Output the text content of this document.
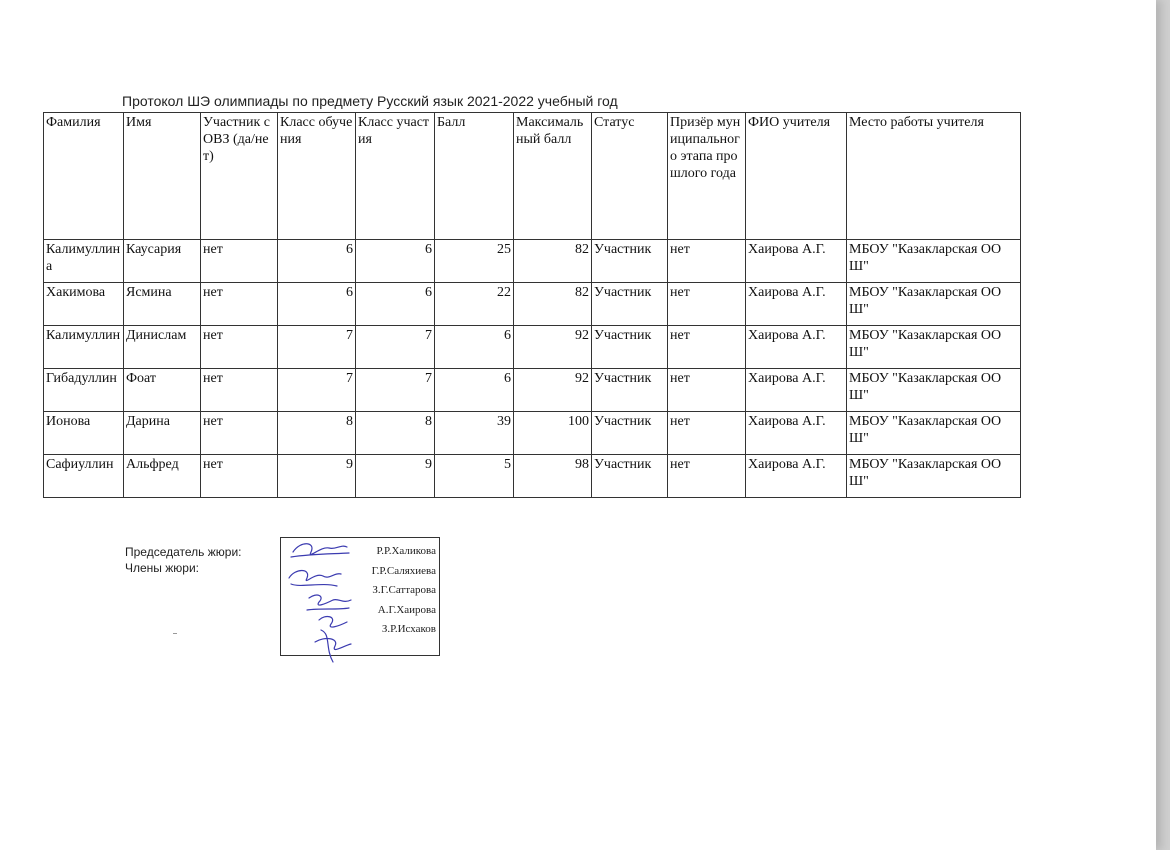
Протокол ШЭ олимпиады по предмету Русский язык 2021-2022 учебный год
Фамилия	Имя	Участник с ОВЗ (да/нет)	Класс обучения	Класс участия	Балл	Максимальный балл	Статус	Призёр муниципального этапа прошлого года	ФИО учителя	Место работы учителя
Калимуллина	Каусария	нет	6	6	25	82	Участник	нет	Хаирова А.Г.	МБОУ "Казакларская ООШ"
Хакимова	Ясмина	нет	6	6	22	82	Участник	нет	Хаирова А.Г.	МБОУ "Казакларская ООШ"
Калимуллин	Динислам	нет	7	7	6	92	Участник	нет	Хаирова А.Г.	МБОУ "Казакларская ООШ"
Гибадуллин	Фоат	нет	7	7	6	92	Участник	нет	Хаирова А.Г.	МБОУ "Казакларская ООШ"
Ионова	Дарина	нет	8	8	39	100	Участник	нет	Хаирова А.Г.	МБОУ "Казакларская ООШ"
Сафиуллин	Альфред	нет	9	9	5	98	Участник	нет	Хаирова А.Г.	МБОУ "Казакларская ООШ"
Председатель жюри:
Члены жюри:
Р.Р.Халикова
Г.Р.Саляхиева
З.Г.Саттарова
А.Г.Хаирова
З.Р.Исхаков
